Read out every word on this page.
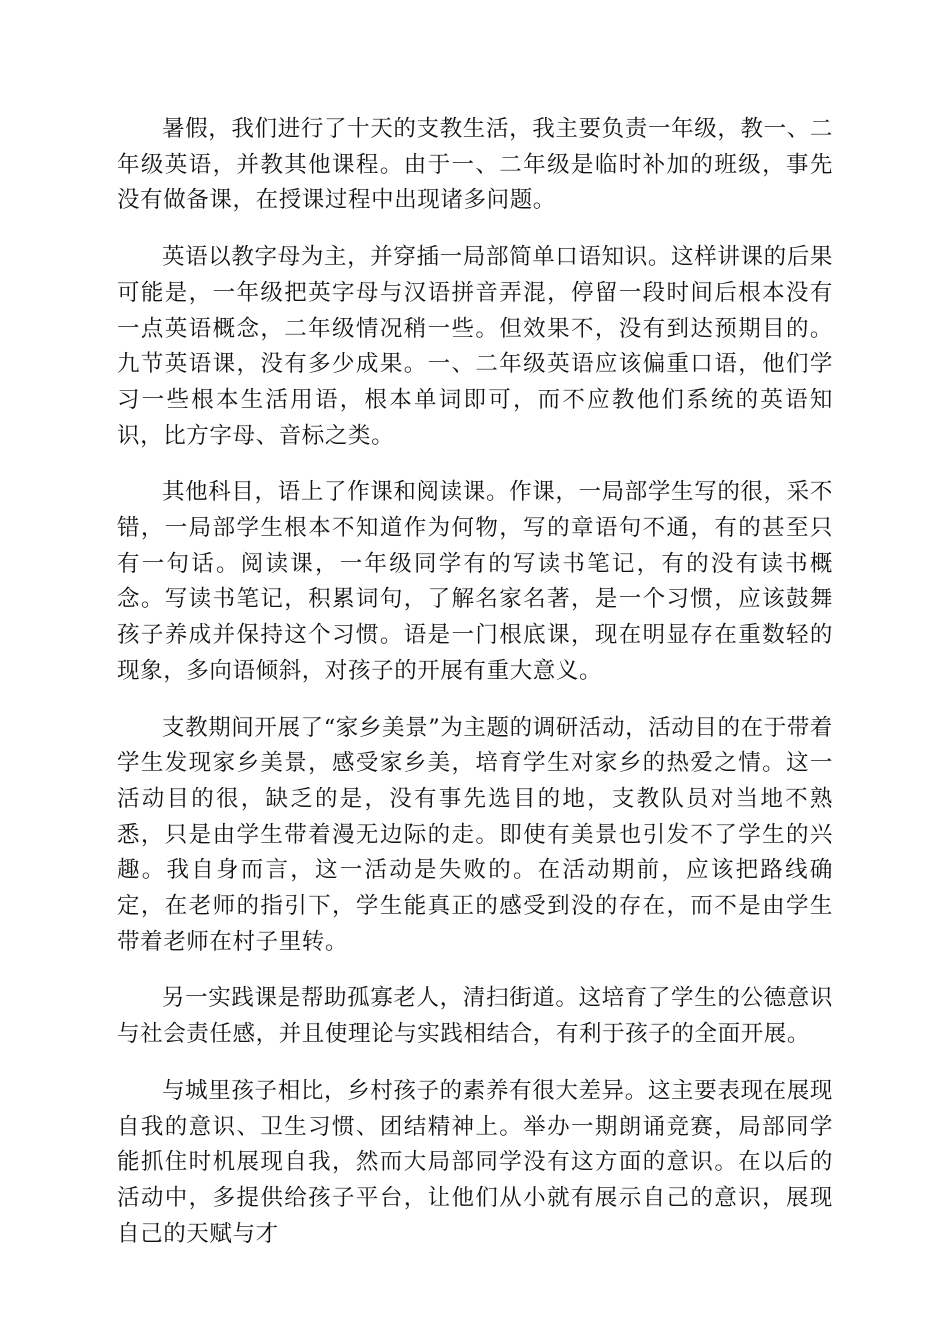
暑假，我们进行了十天的支教生活，我主要负责一年级，教一、二年级英语，并教其他课程。由于一、二年级是临时补加的班级，事先没有做备课，在授课过程中出现诸多问题。

英语以教字母为主，并穿插一局部简单口语知识。这样讲课的后果可能是，一年级把英字母与汉语拼音弄混，停留一段时间后根本没有一点英语概念，二年级情况稍一些。但效果不，没有到达预期目的。九节英语课，没有多少成果。一、二年级英语应该偏重口语，他们学习一些根本生活用语，根本单词即可，而不应教他们系统的英语知识，比方字母、音标之类。

其他科目，语上了作课和阅读课。作课，一局部学生写的很，采不错，一局部学生根本不知道作为何物，写的章语句不通，有的甚至只有一句话。阅读课，一年级同学有的写读书笔记，有的没有读书概念。写读书笔记，积累词句，了解名家名著，是一个习惯，应该鼓舞孩子养成并保持这个习惯。语是一门根底课，现在明显存在重数轻的现象，多向语倾斜，对孩子的开展有重大意义。

支教期间开展了“家乡美景”为主题的调研活动，活动目的在于带着学生发现家乡美景，感受家乡美，培育学生对家乡的热爱之情。这一活动目的很，缺乏的是，没有事先选目的地，支教队员对当地不熟悉，只是由学生带着漫无边际的走。即使有美景也引发不了学生的兴趣。我自身而言，这一活动是失败的。在活动期前，应该把路线确定，在老师的指引下，学生能真正的感受到没的存在，而不是由学生带着老师在村子里转。

另一实践课是帮助孤寡老人，清扫街道。这培育了学生的公德意识与社会责任感，并且使理论与实践相结合，有利于孩子的全面开展。

与城里孩子相比，乡村孩子的素养有很大差异。这主要表现在展现自我的意识、卫生习惯、团结精神上。举办一期朗诵竞赛，局部同学能抓住时机展现自我，然而大局部同学没有这方面的意识。在以后的活动中，多提供给孩子平台，让他们从小就有展示自己的意识，展现自己的天赋与才
